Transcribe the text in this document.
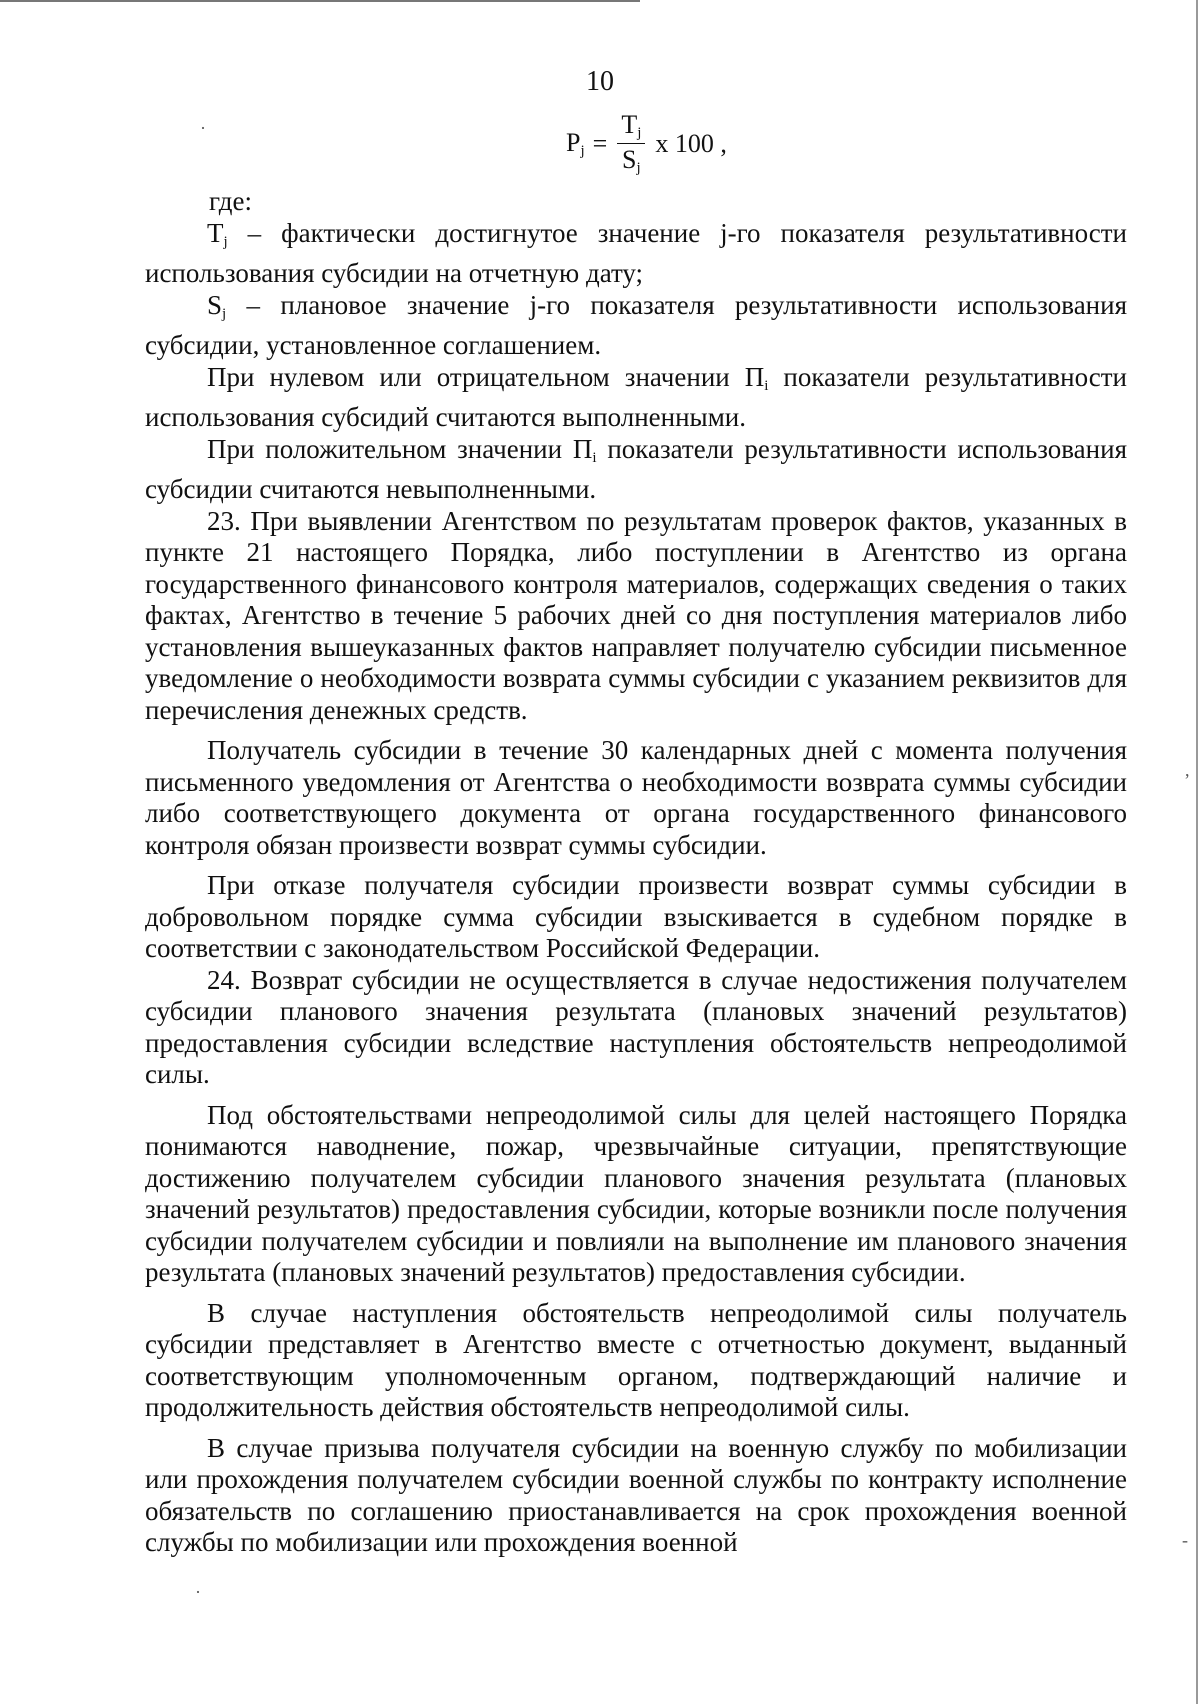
10
$P_j = \frac{T_j}{S_j}$ x 100 ,

где:

$T_j$ – фактически достигнутое значение j-го показателя результативности использования субсидии на отчетную дату;

$S_j$ – плановое значение j-го показателя результативности использования субсидии, установленное соглашением.

При нулевом или отрицательном значении $П_i$ показатели результативности использования субсидий считаются выполненными.

При положительном значении $П_i$ показатели результативности использования субсидии считаются невыполненными.

23. При выявлении Агентством по результатам проверок фактов, указанных в пункте 21 настоящего Порядка, либо поступлении в Агентство из органа государственного финансового контроля материалов, содержащих сведения о таких фактах, Агентство в течение 5 рабочих дней со дня поступления материалов либо установления вышеуказанных фактов направляет получателю субсидии письменное уведомление о необходимости возврата суммы субсидии с указанием реквизитов для перечисления денежных средств.

Получатель субсидии в течение 30 календарных дней с момента получения письменного уведомления от Агентства о необходимости возврата суммы субсидии либо соответствующего документа от органа государственного финансового контроля обязан произвести возврат суммы субсидии.

При отказе получателя субсидии произвести возврат суммы субсидии в добровольном порядке сумма субсидии взыскивается в судебном порядке в соответствии с законодательством Российской Федерации.

24. Возврат субсидии не осуществляется в случае недостижения получателем субсидии планового значения результата (плановых значений результатов) предоставления субсидии вследствие наступления обстоятельств непреодолимой силы.

Под обстоятельствами непреодолимой силы для целей настоящего Порядка понимаются наводнение, пожар, чрезвычайные ситуации, препятствующие достижению получателем субсидии планового значения результата (плановых значений результатов) предоставления субсидии, которые возникли после получения субсидии получателем субсидии и повлияли на выполнение им планового значения результата (плановых значений результатов) предоставления субсидии.

В случае наступления обстоятельств непреодолимой силы получатель субсидии представляет в Агентство вместе с отчетностью документ, выданный соответствующим уполномоченным органом, подтверждающий наличие и продолжительность действия обстоятельств непреодолимой силы.

В случае призыва получателя субсидии на военную службу по мобилизации или прохождения получателем субсидии военной службы по контракту исполнение обязательств по соглашению приостанавливается на срок прохождения военной службы по мобилизации или прохождения военной

·
,
-
·
